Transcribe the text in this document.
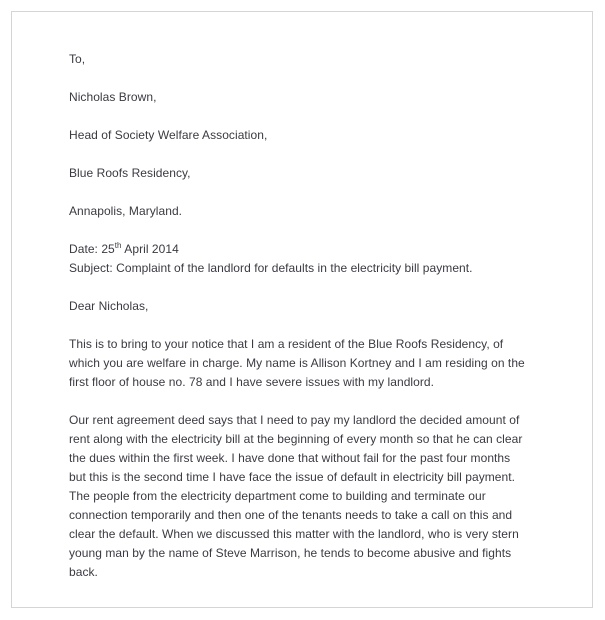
To,

Nicholas Brown,

Head of Society Welfare Association,

Blue Roofs Residency,

Annapolis, Maryland.

Date: 25th April 2014

Subject: Complaint of the landlord for defaults in the electricity bill payment.

Dear Nicholas,

This is to bring to your notice that I am a resident of the Blue Roofs Residency, of which you are welfare in charge. My name is Allison Kortney and I am residing on the first floor of house no. 78 and I have severe issues with my landlord.

Our rent agreement deed says that I need to pay my landlord the decided amount of rent along with the electricity bill at the beginning of every month so that he can clear the dues within the first week. I have done that without fail for the past four months but this is the second time I have face the issue of default in electricity bill payment. The people from the electricity department come to building and terminate our connection temporarily and then one of the tenants needs to take a call on this and clear the default. When we discussed this matter with the landlord, who is very stern young man by the name of Steve Marrison, he tends to become abusive and fights back.
